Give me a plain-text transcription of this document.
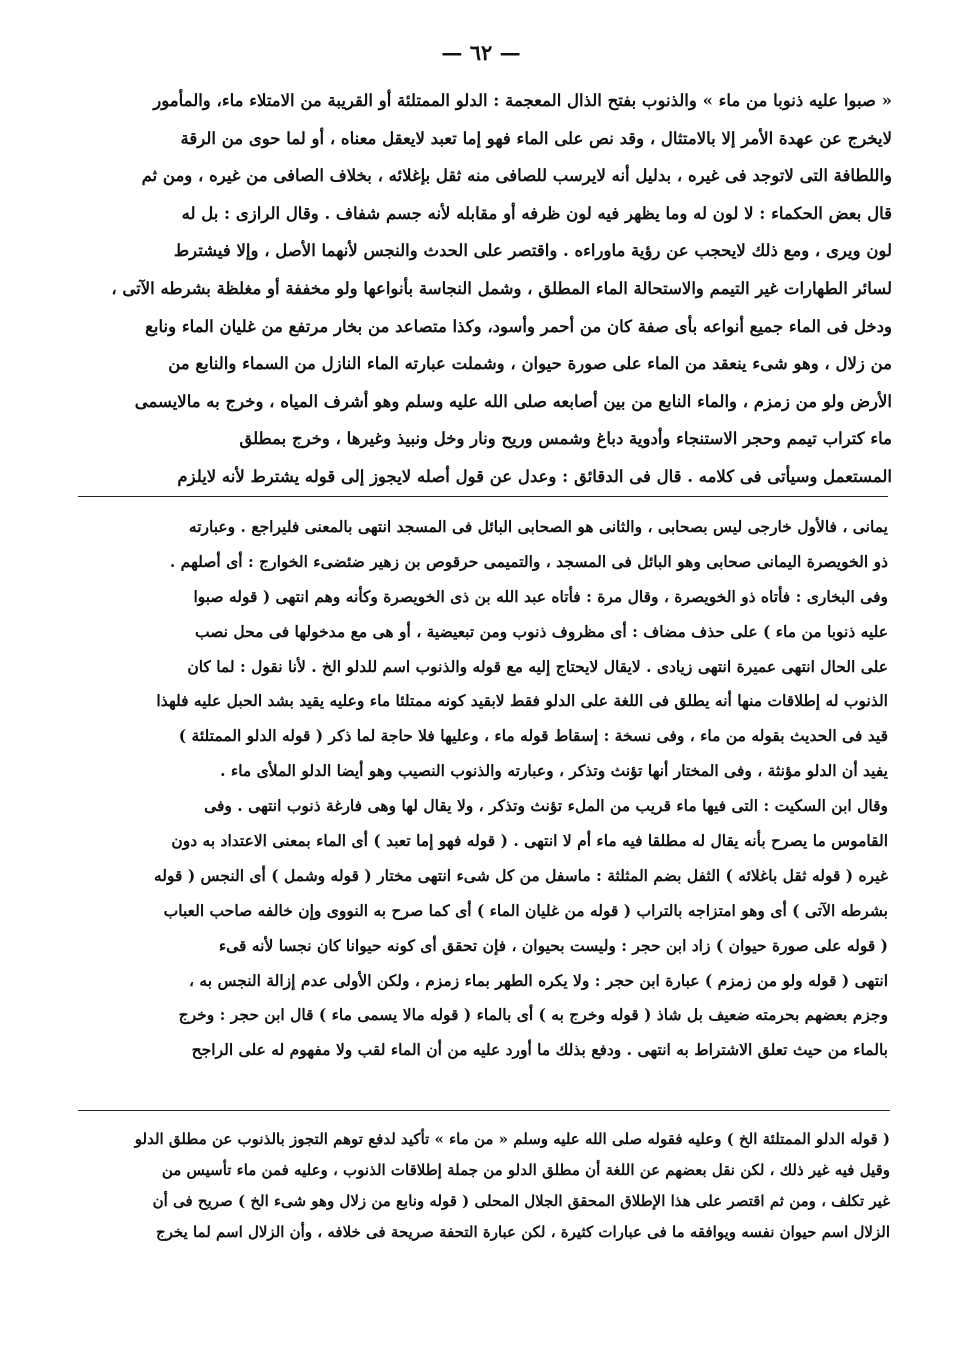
— ٦٢ —
« صبوا عليه ذنوبا من ماء » والذنوب بفتح الذال المعجمة : الدلو الممتلئة أو القريبة من الامتلاء ماء، والمأمور
لايخرج عن عهدة الأمر إلا بالامتثال ، وقد نص على الماء فهو إما تعبد لايعقل معناه ، أو لما حوى من الرقة
واللطافة التى لاتوجد فى غيره ، بدليل أنه لايرسب للصافى منه ثقل بإغلائه ، بخلاف الصافى من غيره ، ومن ثم
قال بعض الحكماء : لا لون له وما يظهر فيه لون ظرفه أو مقابله لأنه جسم شفاف . وقال الرازى : بل له
لون ويرى ، ومع ذلك لايحجب عن رؤية ماوراءه . واقتصر على الحدث والنجس لأنهما الأصل ، وإلا فيشترط
لسائر الطهارات غير التيمم والاستحالة الماء المطلق ، وشمل النجاسة بأنواعها ولو مخففة أو مغلظة بشرطه الآتى ،
ودخل فى الماء جميع أنواعه بأى صفة كان من أحمر وأسود، وكذا متصاعد من بخار مرتفع من غليان الماء ونابع
من زلال ، وهو شىء ينعقد من الماء على صورة حيوان ، وشملت عبارته الماء النازل من السماء والنابع من
الأرض ولو من زمزم ، والماء النابع من بين أصابعه صلى الله عليه وسلم وهو أشرف المياه ، وخرج به مالايسمى
ماء كتراب تيمم وحجر الاستنجاء وأدوية دباغ وشمس وريح ونار وخل ونبيذ وغيرها ، وخرج بمطلق
المستعمل وسيأتى فى كلامه . قال فى الدقائق : وعدل عن قول أصله لايجوز إلى قوله يشترط لأنه لايلزم
يمانى ، فالأول خارجى ليس بصحابى ، والثانى هو الصحابى البائل فى المسجد انتهى بالمعنى فليراجع . وعبارته
ذو الخويصرة اليمانى صحابى وهو البائل فى المسجد ، والتميمى حرقوص بن زهير ضئضىء الخوارج : أى أصلهم .
وفى البخارى : فأتاه ذو الخويصرة ، وقال مرة : فأتاه عبد الله بن ذى الخويصرة وكأنه وهم انتهى ( قوله صبوا
عليه ذنوبا من ماء ) على حذف مضاف : أى مظروف ذنوب ومن تبعيضية ، أو هى مع مدخولها فى محل نصب
على الحال انتهى عميرة انتهى زيادى . لايقال لايحتاج إليه مع قوله والذنوب اسم للدلو الخ . لأنا نقول : لما كان
الذنوب له إطلاقات منها أنه يطلق فى اللغة على الدلو فقط لابقيد كونه ممتلئا ماء وعليه يقيد بشد الحبل عليه فلهذا
قيد فى الحديث بقوله من ماء ، وفى نسخة : إسقاط قوله ماء ، وعليها فلا حاجة لما ذكر ( قوله الدلو الممتلئة )
يفيد أن الدلو مؤنثة ، وفى المختار أنها تؤنث وتذكر ، وعبارته والذنوب النصيب وهو أيضا الدلو الملأى ماء .
وقال ابن السكيت : التى فيها ماء قريب من الملء تؤنث وتذكر ، ولا يقال لها وهى فارغة ذنوب انتهى . وفى
القاموس ما يصرح بأنه يقال له مطلقا فيه ماء أم لا انتهى . ( قوله فهو إما تعبد ) أى الماء بمعنى الاعتداد به دون
غيره ( قوله ثقل باغلائه ) الثفل بضم المثلثة : ماسفل من كل شىء انتهى مختار ( قوله وشمل ) أى النجس ( قوله
بشرطه الآتى ) أى وهو امتزاجه بالتراب ( قوله من غليان الماء ) أى كما صرح به النووى وإن خالفه صاحب العباب
( قوله على صورة حيوان ) زاد ابن حجر : وليست بحيوان ، فإن تحقق أى كونه حيوانا كان نجسا لأنه قىء
انتهى ( قوله ولو من زمزم ) عبارة ابن حجر : ولا يكره الطهر بماء زمزم ، ولكن الأولى عدم إزالة النجس به ،
وجزم بعضهم بحرمته ضعيف بل شاذ ( قوله وخرج به ) أى بالماء ( قوله مالا يسمى ماء ) قال ابن حجر : وخرج
بالماء من حيث تعلق الاشتراط به انتهى . ودفع بذلك ما أورد عليه من أن الماء لقب ولا مفهوم له على الراجح
( قوله الدلو الممتلئة الخ ) وعليه فقوله صلى الله عليه وسلم « من ماء » تأكيد لدفع توهم التجوز بالذنوب عن مطلق الدلو
وقيل فيه غير ذلك ، لكن نقل بعضهم عن اللغة أن مطلق الدلو من جملة إطلاقات الذنوب ، وعليه فمن ماء تأسيس من
غير تكلف ، ومن ثم اقتصر على هذا الإطلاق المحقق الجلال المحلى ( قوله ونابع من زلال وهو شىء الخ ) صريح فى أن
الزلال اسم حيوان نفسه ويوافقه ما فى عبارات كثيرة ، لكن عبارة التحفة صريحة فى خلافه ، وأن الزلال اسم لما يخرج
